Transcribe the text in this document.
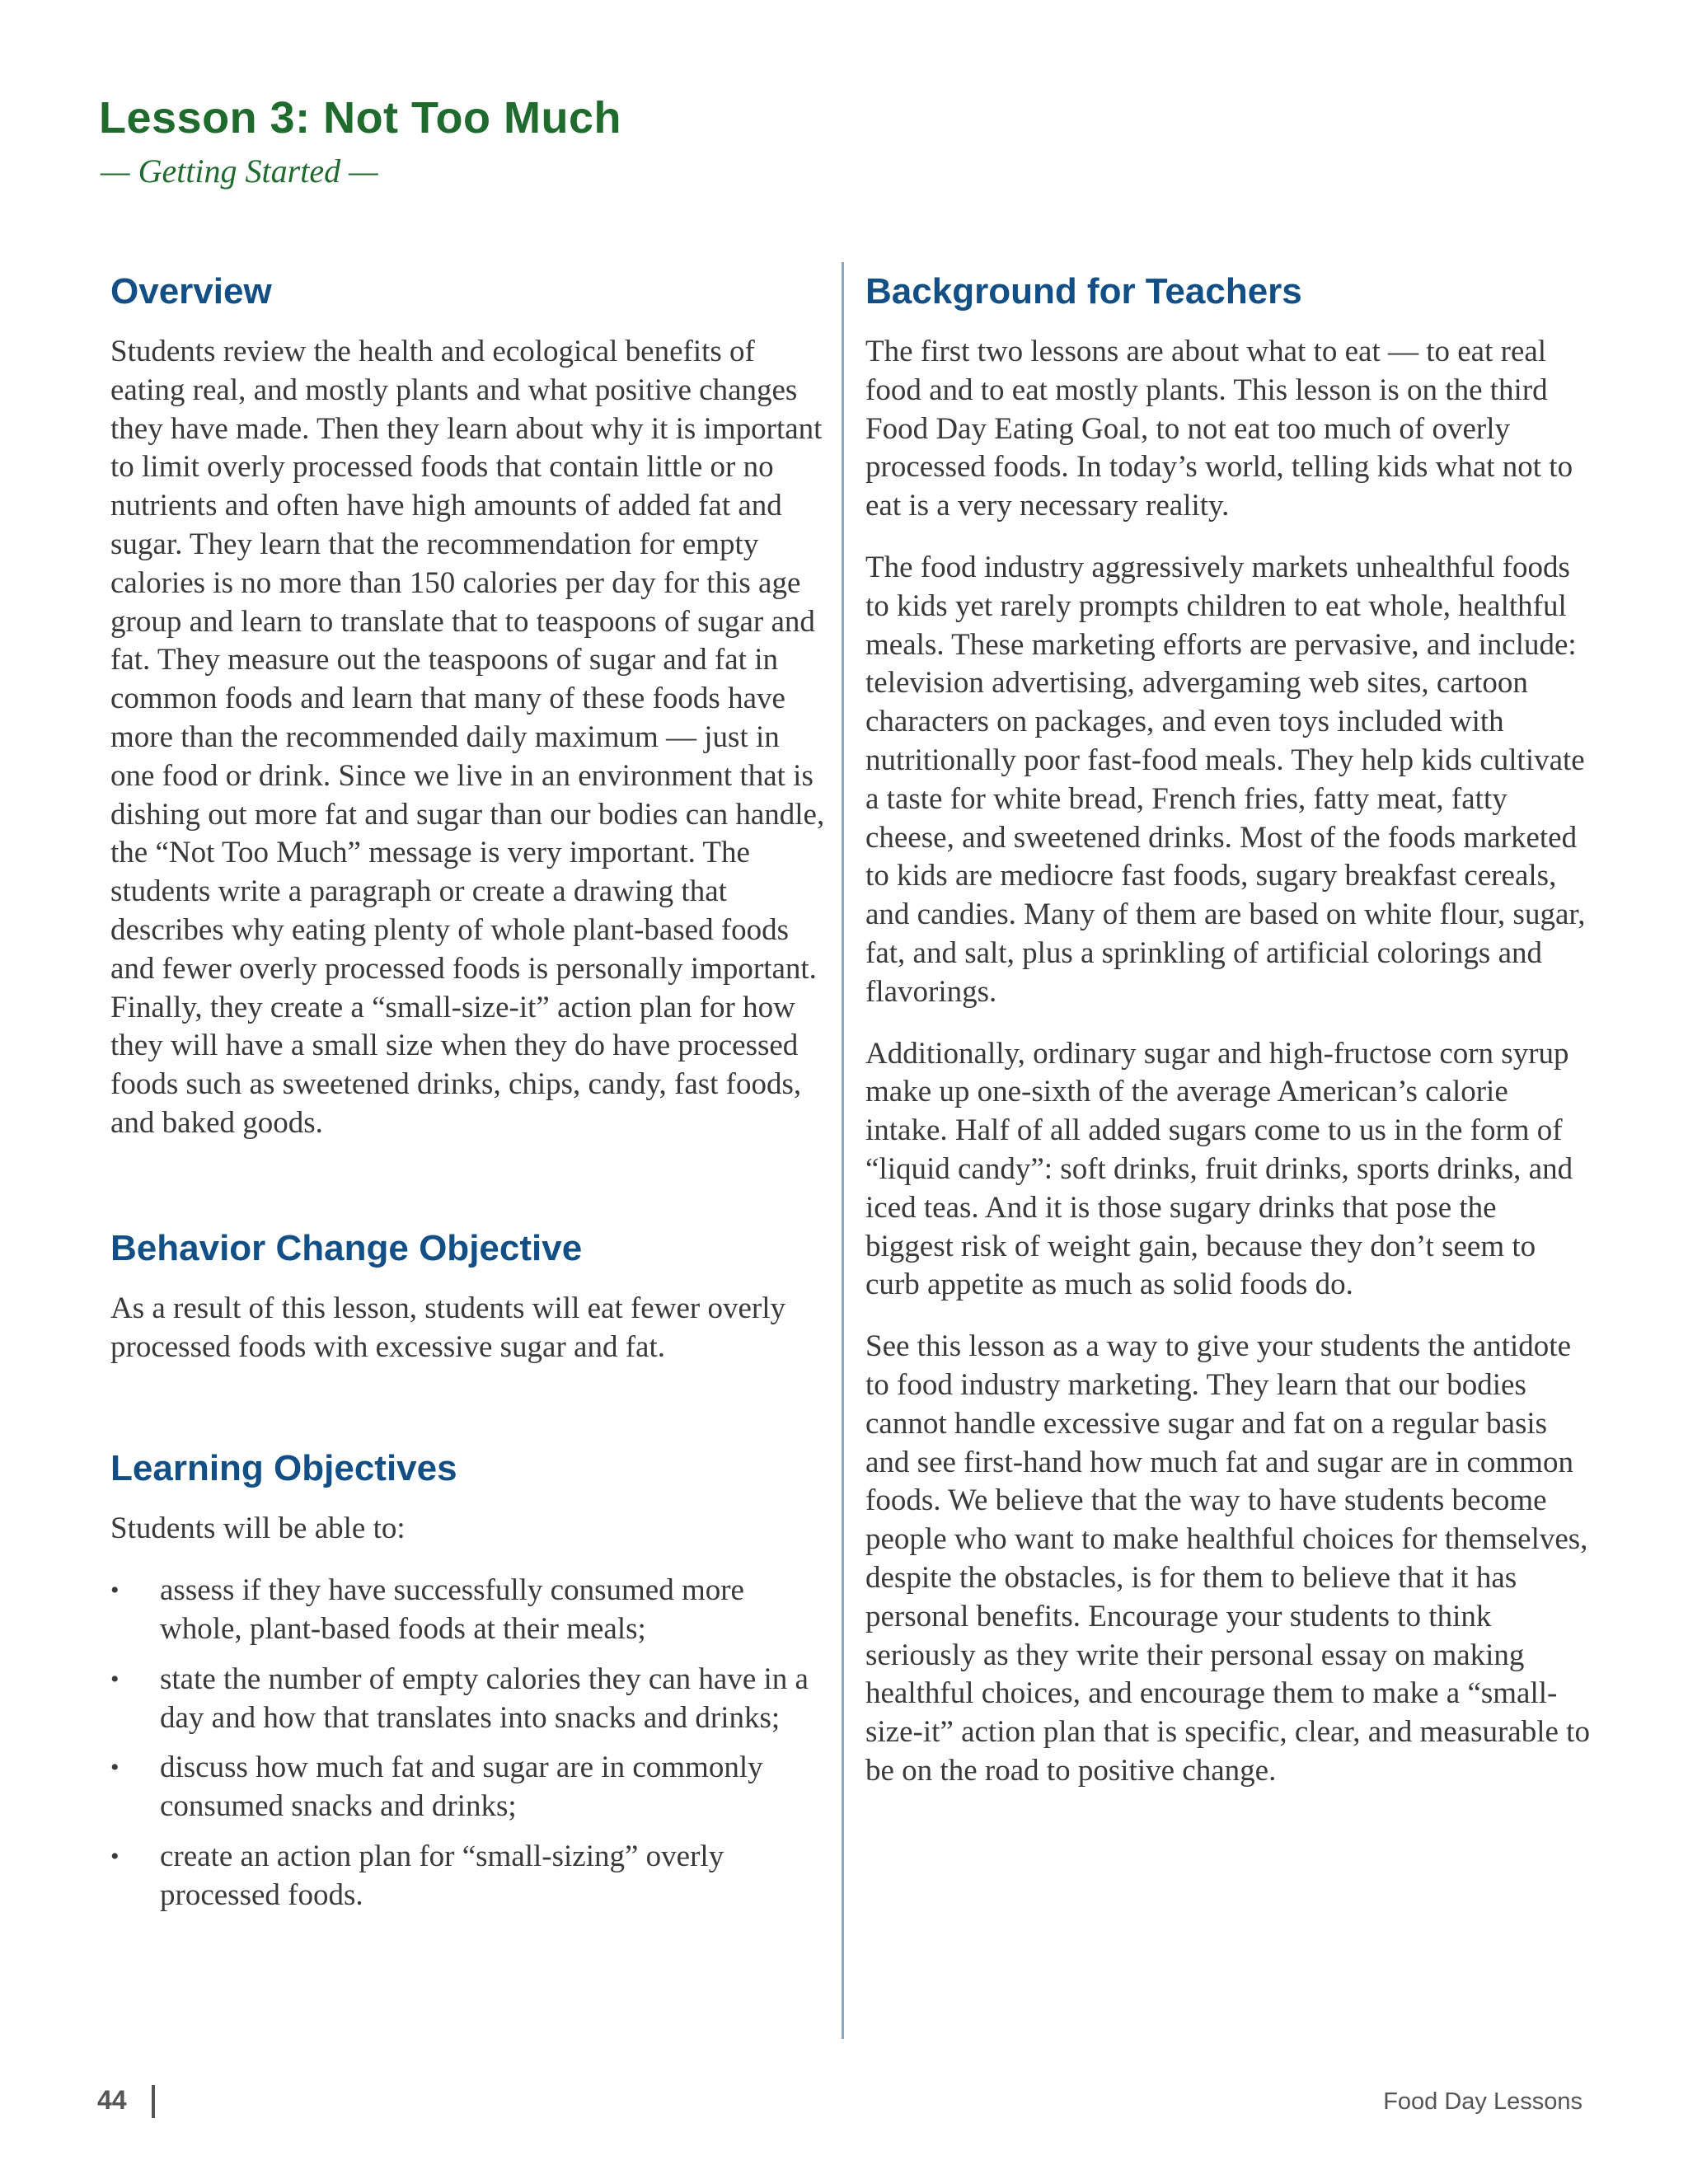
Lesson 3: Not Too Much
— Getting Started —
Overview

Students review the health and ecological benefits of eating real, and mostly plants and what positive changes they have made. Then they learn about why it is important to limit overly processed foods that contain little or no nutrients and often have high amounts of added fat and sugar. They learn that the recommendation for empty calories is no more than 150 calories per day for this age group and learn to translate that to teaspoons of sugar and fat. They measure out the teaspoons of sugar and fat in common foods and learn that many of these foods have more than the recommended daily maximum — just in one food or drink. Since we live in an environment that is dishing out more fat and sugar than our bodies can handle, the “Not Too Much” message is very important. The students write a paragraph or create a drawing that describes why eating plenty of whole plant-based foods and fewer overly processed foods is personally important. Finally, they create a “small-size-it” action plan for how they will have a small size when they do have processed foods such as sweetened drinks, chips, candy, fast foods, and baked goods.

Behavior Change Objective

As a result of this lesson, students will eat fewer overly processed foods with excessive sugar and fat.

Learning Objectives

Students will be able to:

• assess if they have successfully consumed more whole, plant-based foods at their meals;
• state the number of empty calories they can have in a day and how that translates into snacks and drinks;
• discuss how much fat and sugar are in commonly consumed snacks and drinks;
• create an action plan for “small-sizing” overly processed foods.
Background for Teachers

The first two lessons are about what to eat — to eat real food and to eat mostly plants. This lesson is on the third Food Day Eating Goal, to not eat too much of overly processed foods. In today’s world, telling kids what not to eat is a very necessary reality.

The food industry aggressively markets unhealthful foods to kids yet rarely prompts children to eat whole, healthful meals. These marketing efforts are pervasive, and include: television advertising, advergaming web sites, cartoon characters on packages, and even toys included with nutritionally poor fast-food meals. They help kids cultivate a taste for white bread, French fries, fatty meat, fatty cheese, and sweetened drinks. Most of the foods marketed to kids are mediocre fast foods, sugary breakfast cereals, and candies. Many of them are based on white flour, sugar, fat, and salt, plus a sprinkling of artificial colorings and flavorings.

Additionally, ordinary sugar and high-fructose corn syrup make up one-sixth of the average American’s calorie intake. Half of all added sugars come to us in the form of “liquid candy”: soft drinks, fruit drinks, sports drinks, and iced teas. And it is those sugary drinks that pose the biggest risk of weight gain, because they don’t seem to curb appetite as much as solid foods do.

See this lesson as a way to give your students the antidote to food industry marketing. They learn that our bodies cannot handle excessive sugar and fat on a regular basis and see first-hand how much fat and sugar are in common foods. We believe that the way to have students become people who want to make healthful choices for themselves, despite the obstacles, is for them to believe that it has personal benefits. Encourage your students to think seriously as they write their personal essay on making healthful choices, and encourage them to make a “small-size-it” action plan that is specific, clear, and measurable to be on the road to positive change.

44	Food Day Lessons
